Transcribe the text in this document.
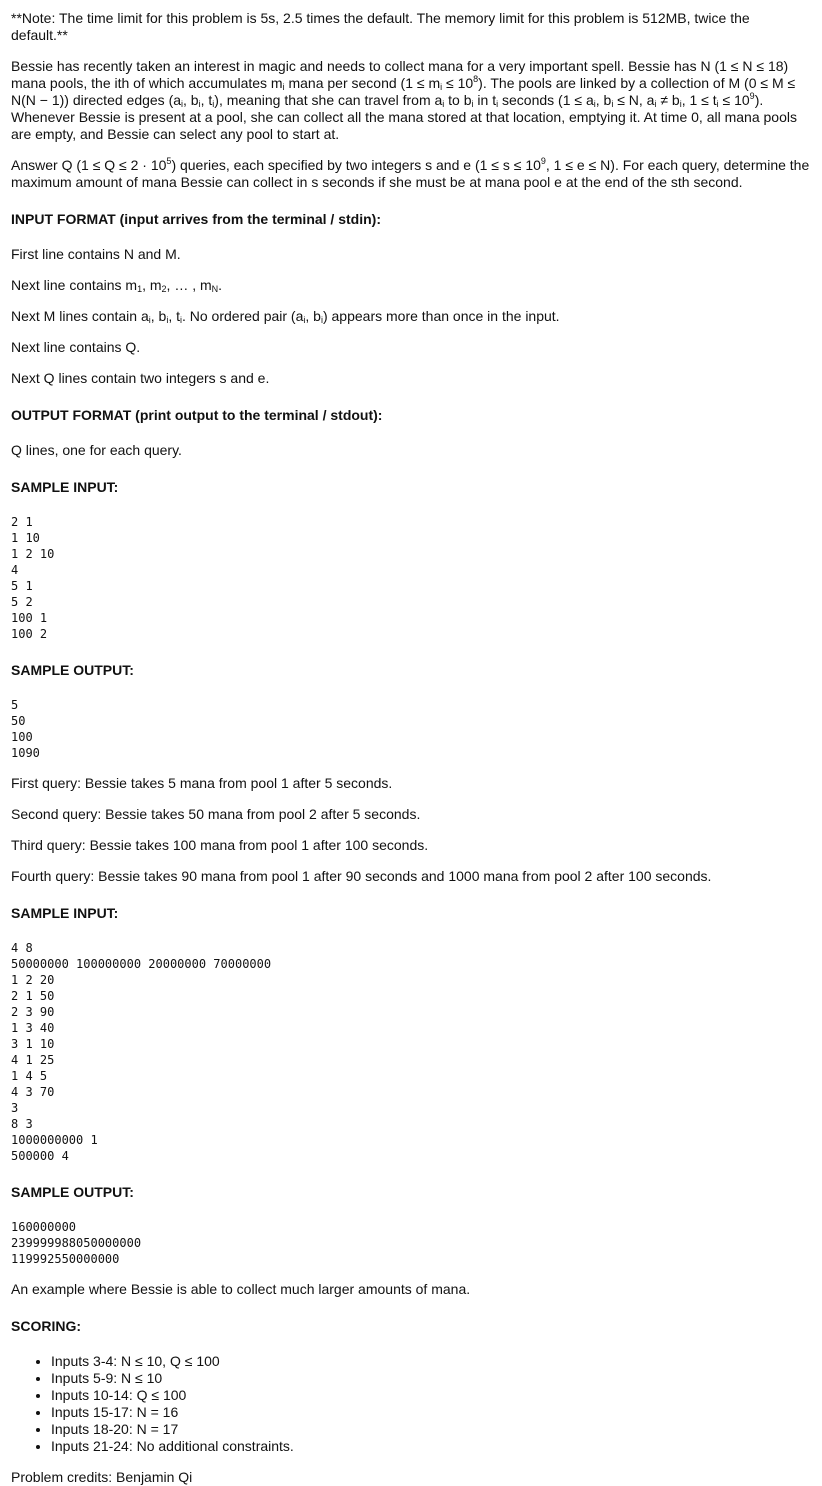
**Note: The time limit for this problem is 5s, 2.5 times the default. The memory limit for this problem is 512MB, twice the default.**

Bessie has recently taken an interest in magic and needs to collect mana for a very important spell. Bessie has N (1 ≤ N ≤ 18) mana pools, the ith of which accumulates $m_i$ mana per second $(1 \le m_i \le 10^8)$. The pools are linked by a collection of M (0 ≤ M ≤ N(N − 1)) directed edges ($a_i$, $b_i$, $t_i$), meaning that she can travel from $a_i$ to $b_i$ in $t_i$ seconds ($1 \le a_i$, $b_i \le N$, $a_i \ne b_i$, $1 \le t_i \le 10^9$). Whenever Bessie is present at a pool, she can collect all the mana stored at that location, emptying it. At time 0, all mana pools are empty, and Bessie can select any pool to start at.

Answer Q $(1 \le Q \le 2 \cdot 10^5)$ queries, each specified by two integers s and e ($1 \le s \le 10^9$, 1 ≤ e ≤ N). For each query, determine the maximum amount of mana Bessie can collect in s seconds if she must be at mana pool e at the end of the sth second.

INPUT FORMAT (input arrives from the terminal / stdin):

First line contains N and M.

Next line contains $m_1$, $m_2$, … , $m_N$.

Next M lines contain $a_i$, $b_i$, $t_i$. No ordered pair ($a_i$, $b_i$) appears more than once in the input.

Next line contains Q.

Next Q lines contain two integers s and e.

OUTPUT FORMAT (print output to the terminal / stdout):

Q lines, one for each query.

SAMPLE INPUT:
2 1
1 10
1 2 10
4
5 1
5 2
100 1
100 2
SAMPLE OUTPUT:
5
50
100
1090

First query: Bessie takes 5 mana from pool 1 after 5 seconds.

Second query: Bessie takes 50 mana from pool 2 after 5 seconds.

Third query: Bessie takes 100 mana from pool 1 after 100 seconds.

Fourth query: Bessie takes 90 mana from pool 1 after 90 seconds and 1000 mana from pool 2 after 100 seconds.

SAMPLE INPUT:
4 8
50000000 100000000 20000000 70000000
1 2 20
2 1 50
2 3 90
1 3 40
3 1 10
4 1 25
1 4 5
4 3 70
3
8 3
1000000000 1
500000 4
SAMPLE OUTPUT:
160000000
239999988050000000
119992550000000

An example where Bessie is able to collect much larger amounts of mana.

SCORING:
• Inputs 3-4: N ≤ 10, Q ≤ 100
• Inputs 5-9: N ≤ 10
• Inputs 10-14: Q ≤ 100
• Inputs 15-17: N = 16
• Inputs 18-20: N = 17
• Inputs 21-24: No additional constraints.

Problem credits: Benjamin Qi
